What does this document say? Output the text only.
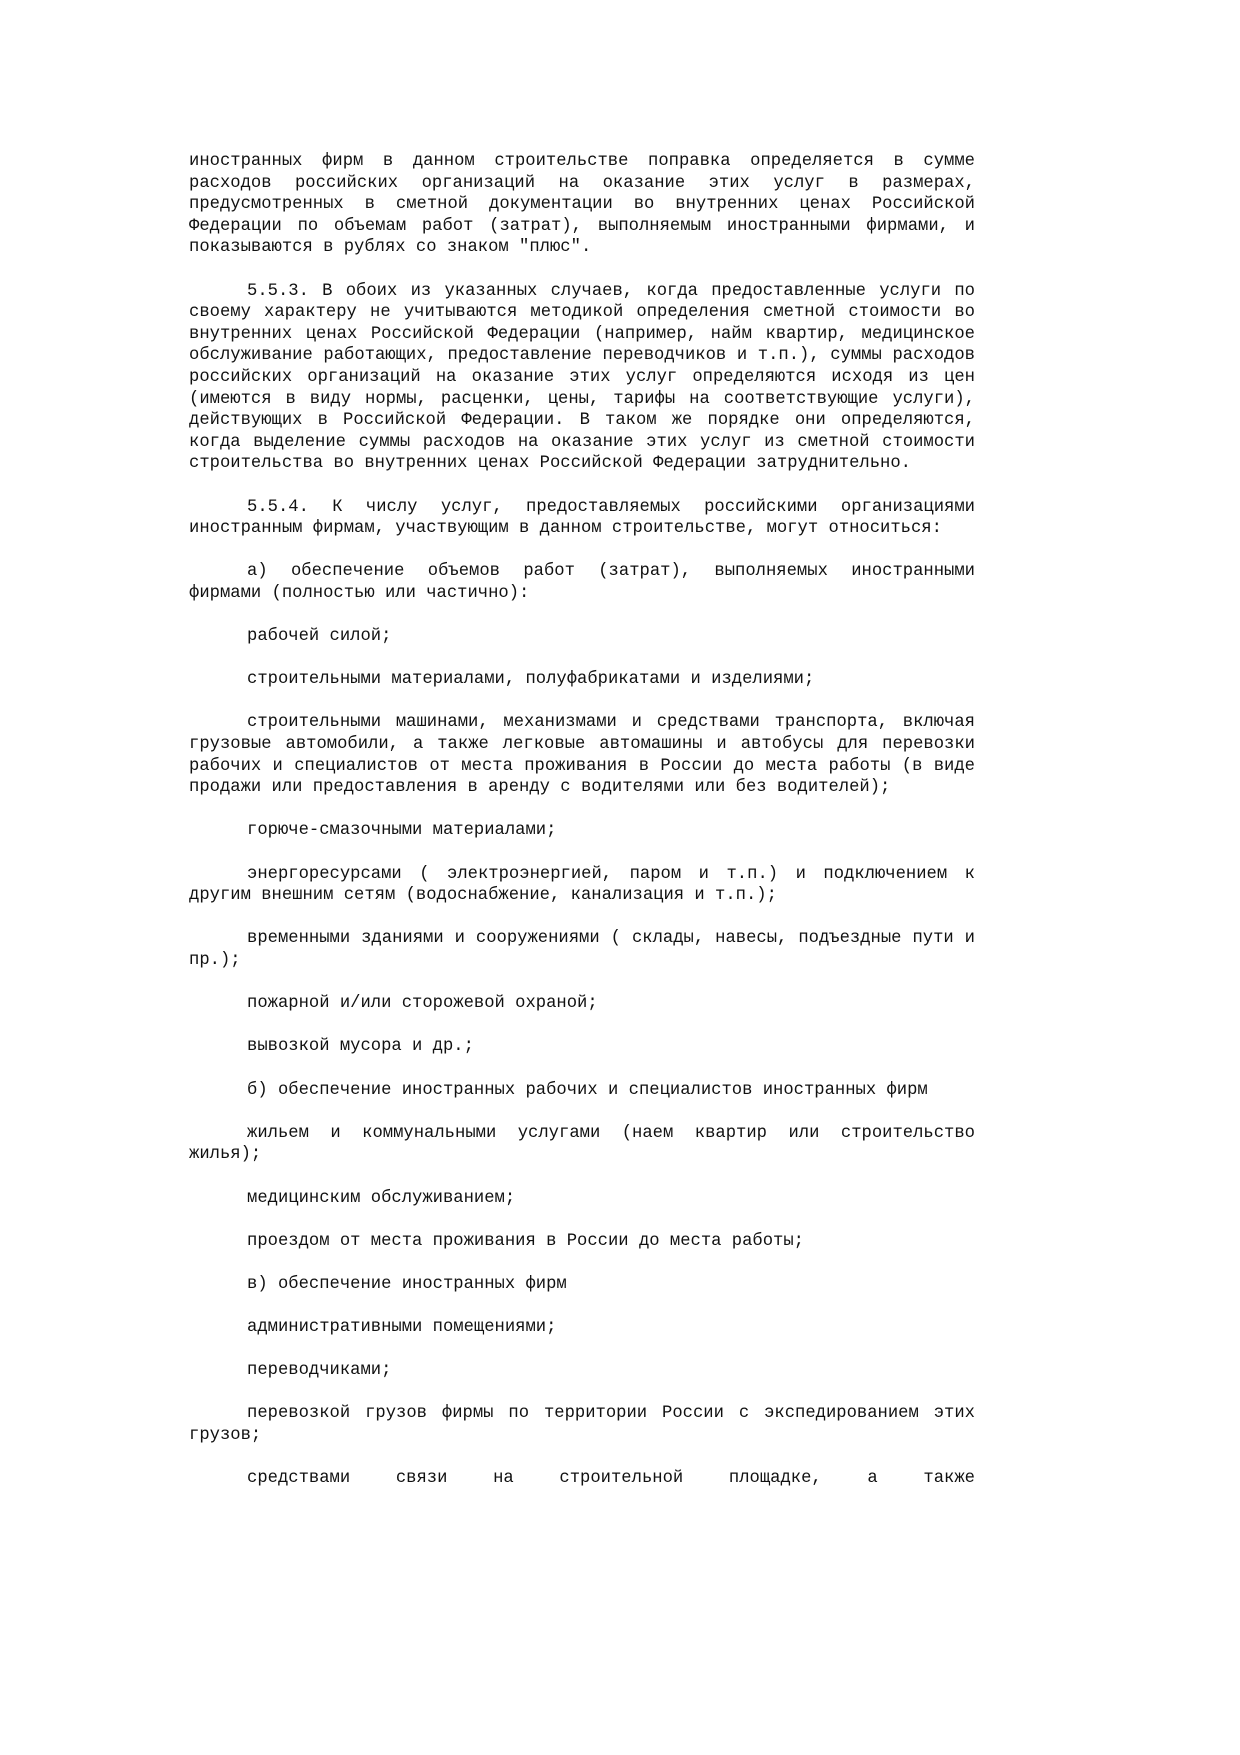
иностранных фирм в данном строительстве поправка определяется в сумме расходов российских организаций на оказание этих услуг в размерах, предусмотренных в сметной документации во внутренних ценах Российской Федерации по объемам работ (затрат), выполняемым иностранными фирмами, и показываются в рублях со знаком "плюс".

5.5.3. В обоих из указанных случаев, когда предоставленные услуги по своему характеру не учитываются методикой определения сметной стоимости во внутренних ценах Российской Федерации (например, найм квартир, медицинское обслуживание работающих, предоставление переводчиков и т.п.), суммы расходов российских организаций на оказание этих услуг определяются исходя из цен (имеются в виду нормы, расценки, цены, тарифы на соответствующие услуги), действующих в Российской Федерации. В таком же порядке они определяются, когда выделение суммы расходов на оказание этих услуг из сметной стоимости строительства во внутренних ценах Российской Федерации затруднительно.

5.5.4. К числу услуг, предоставляемых российскими организациями иностранным фирмам, участвующим в данном строительстве, могут относиться:

а) обеспечение объемов работ (затрат), выполняемых иностранными фирмами (полностью или частично):

рабочей силой;

строительными материалами, полуфабрикатами и изделиями;

строительными машинами, механизмами и средствами транспорта, включая грузовые автомобили, а также легковые автомашины и автобусы для перевозки рабочих и специалистов от места проживания в России до места работы (в виде продажи или предоставления в аренду с водителями или без водителей);

горюче-смазочными материалами;

энергоресурсами ( электроэнергией, паром и т.п.) и подключением к другим внешним сетям (водоснабжение, канализация и т.п.);

временными зданиями и сооружениями ( склады, навесы, подъездные пути и пр.);

пожарной и/или сторожевой охраной;

вывозкой мусора и др.;

б) обеспечение иностранных рабочих и специалистов иностранных фирм

жильем и коммунальными услугами (наем квартир или строительство жилья);

медицинским обслуживанием;

проездом от места проживания в России до места работы;

в) обеспечение иностранных фирм

административными помещениями;

переводчиками;

перевозкой грузов фирмы по территории России с экспедированием этих грузов;

средствами связи на строительной площадке, а также
